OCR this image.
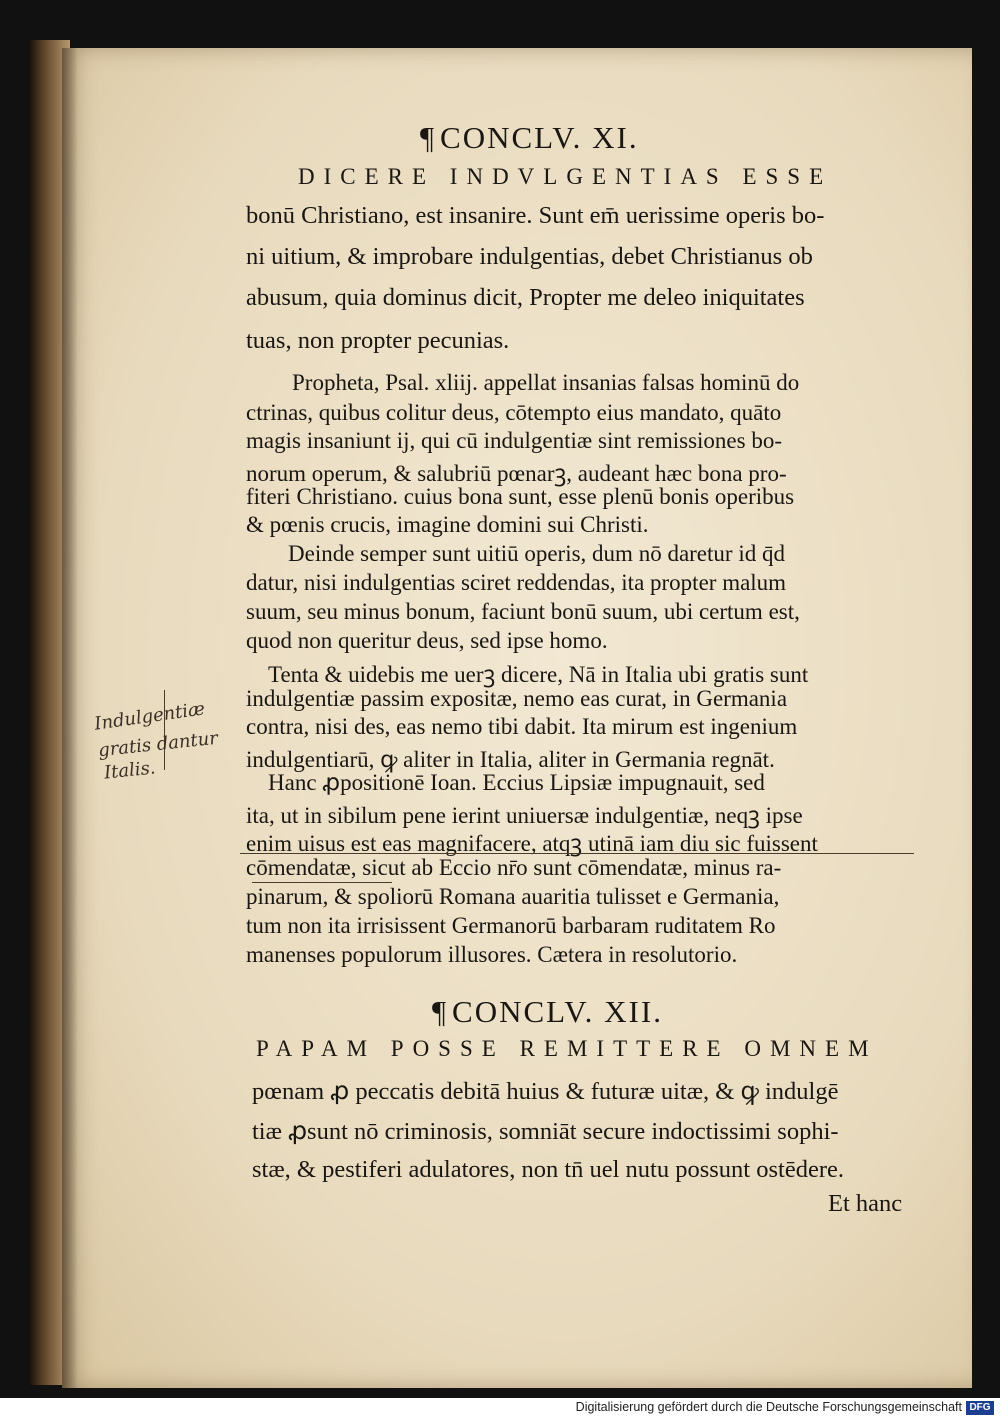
¶ CONCLV. XI.
DICERE INDVLGENTIAS ESSE
bonū Christiano, est insanire. Sunt em̄ uerissime operis bo-
ni uitium, & improbare indulgentias, debet Christianus ob
abusum, quia dominus dicit, Propter me deleo iniquitates
tuas, non propter pecunias.
Propheta, Psal. xliij. appellat insanias falsas hominū do
ctrinas, quibus colitur deus, cōtempto eius mandato, quāto
magis insaniunt ij, qui cū indulgentiæ sint remissiones bo-
norum operum, & salubriū pœnarꝫ, audeant hæc bona pro-
fiteri Christiano. cuius bona sunt, esse plenū bonis operibus
& pœnis crucis, imagine domini sui Christi.
Deinde semper sunt uitiū operis, dum nō daretur id q̄d
datur, nisi indulgentias sciret reddendas, ita propter malum
suum, seu minus bonum, faciunt bonū suum, ubi certum est,
quod non queritur deus, sed ipse homo.
Tenta & uidebis me uerꝫ dicere, Nā in Italia ubi gratis sunt
indulgentiæ passim expositæ, nemo eas curat, in Germania
contra, nisi des, eas nemo tibi dabit. Ita mirum est ingenium
indulgentiarū, ꝙ aliter in Italia, aliter in Germania regnāt.
Hanc ꝓpositionē Ioan. Eccius Lipsiæ impugnauit, sed
ita, ut in sibilum pene ierint uniuersæ indulgentiæ, neqꝫ ipse
enim uisus est eas magnifacere, atqꝫ utinā iam diu sic fuissent
cōmendatæ, sicut ab Eccio nr̄o sunt cōmendatæ, minus ra-
pinarum, & spoliorū Romana auaritia tulisset e Germania,
tum non ita irrisissent Germanorū barbaram ruditatem Ro
manenses populorum illusores. Cætera in resolutorio.
Indulgentiæ
gratis dantur
Italis.
¶ CONCLV. XII.
PAPAM POSSE REMITTERE OMNEM
pœnam ꝓ peccatis debitā huius & futuræ uitæ, & ꝙ indulgē
tiæ ꝓsunt nō criminosis, somniāt secure indoctissimi sophi-
stæ, & pestiferi adulatores, non tn̄ uel nutu possunt ostēdere.
Et hanc
Digitalisierung gefördert durch die Deutsche Forschungsgemeinschaft DFG
